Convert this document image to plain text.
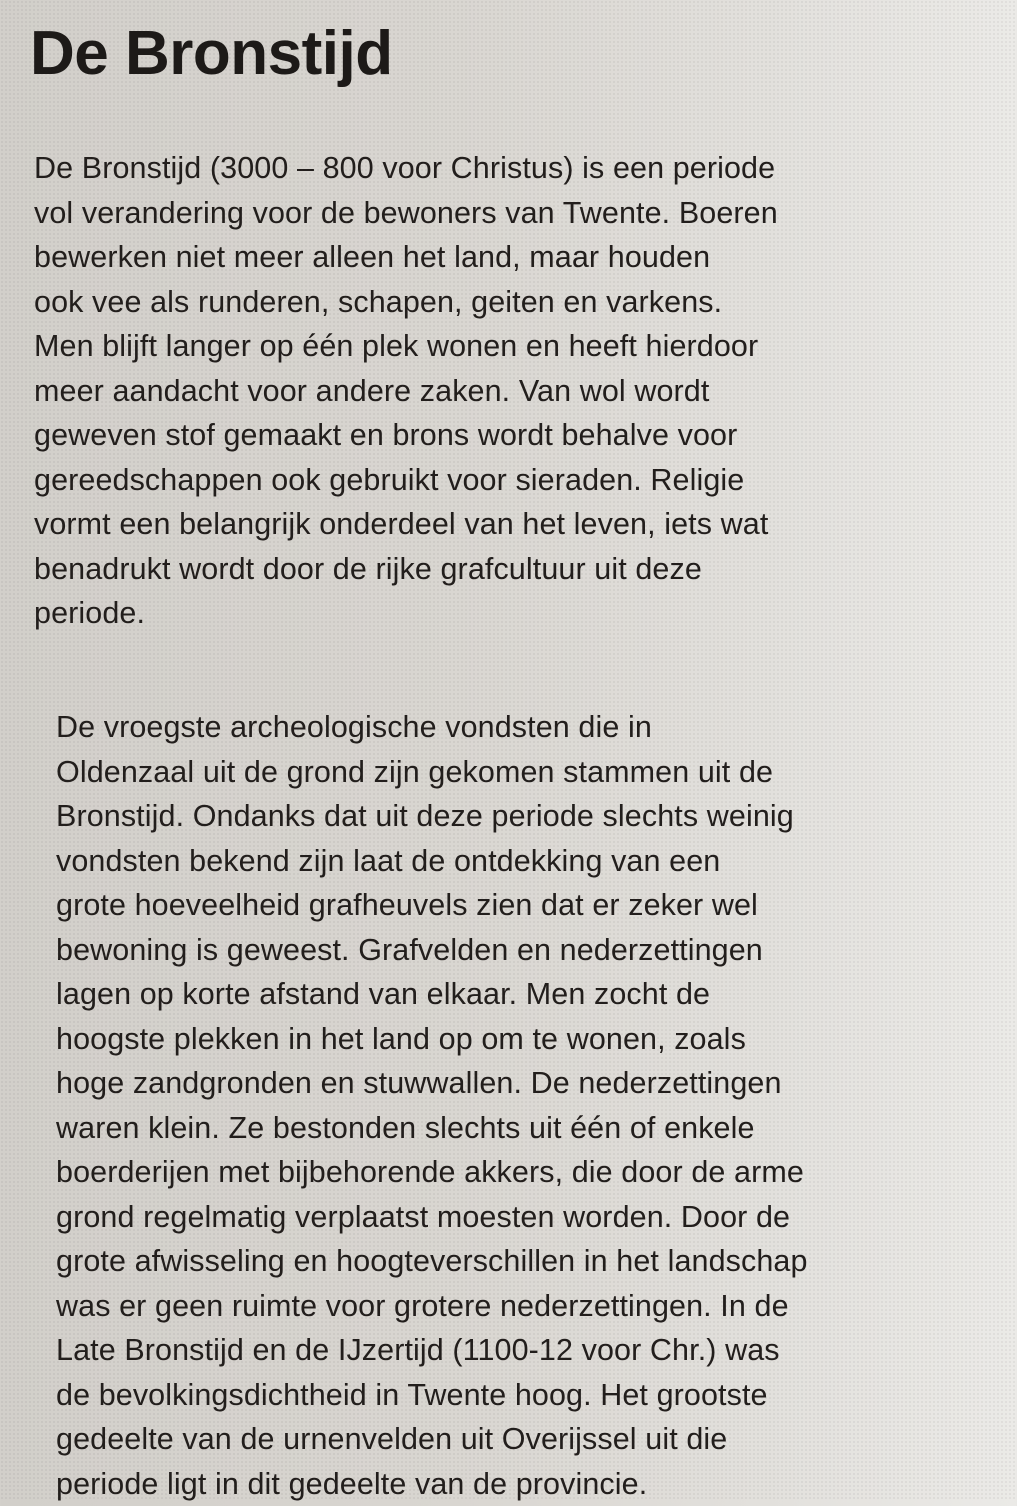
De Bronstijd

De Bronstijd (3000 – 800 voor Christus) is een periode
vol verandering voor de bewoners van Twente. Boeren
bewerken niet meer alleen het land, maar houden
ook vee als runderen, schapen, geiten en varkens.
Men blijft langer op één plek wonen en heeft hierdoor
meer aandacht voor andere zaken. Van wol wordt
geweven stof gemaakt en brons wordt behalve voor
gereedschappen ook gebruikt voor sieraden. Religie
vormt een belangrijk onderdeel van het leven, iets wat
benadrukt wordt door de rijke grafcultuur uit deze
periode.

De vroegste archeologische vondsten die in
Oldenzaal uit de grond zijn gekomen stammen uit de
Bronstijd. Ondanks dat uit deze periode slechts weinig
vondsten bekend zijn laat de ontdekking van een
grote hoeveelheid grafheuvels zien dat er zeker wel
bewoning is geweest. Grafvelden en nederzettingen
lagen op korte afstand van elkaar. Men zocht de
hoogste plekken in het land op om te wonen, zoals
hoge zandgronden en stuwwallen. De nederzettingen
waren klein. Ze bestonden slechts uit één of enkele
boerderijen met bijbehorende akkers, die door de arme
grond regelmatig verplaatst moesten worden. Door de
grote afwisseling en hoogteverschillen in het landschap
was er geen ruimte voor grotere nederzettingen. In de
Late Bronstijd en de IJzertijd (1100-12 voor Chr.) was
de bevolkingsdichtheid in Twente hoog. Het grootste
gedeelte van de urnenvelden uit Overijssel uit die
periode ligt in dit gedeelte van de provincie.
